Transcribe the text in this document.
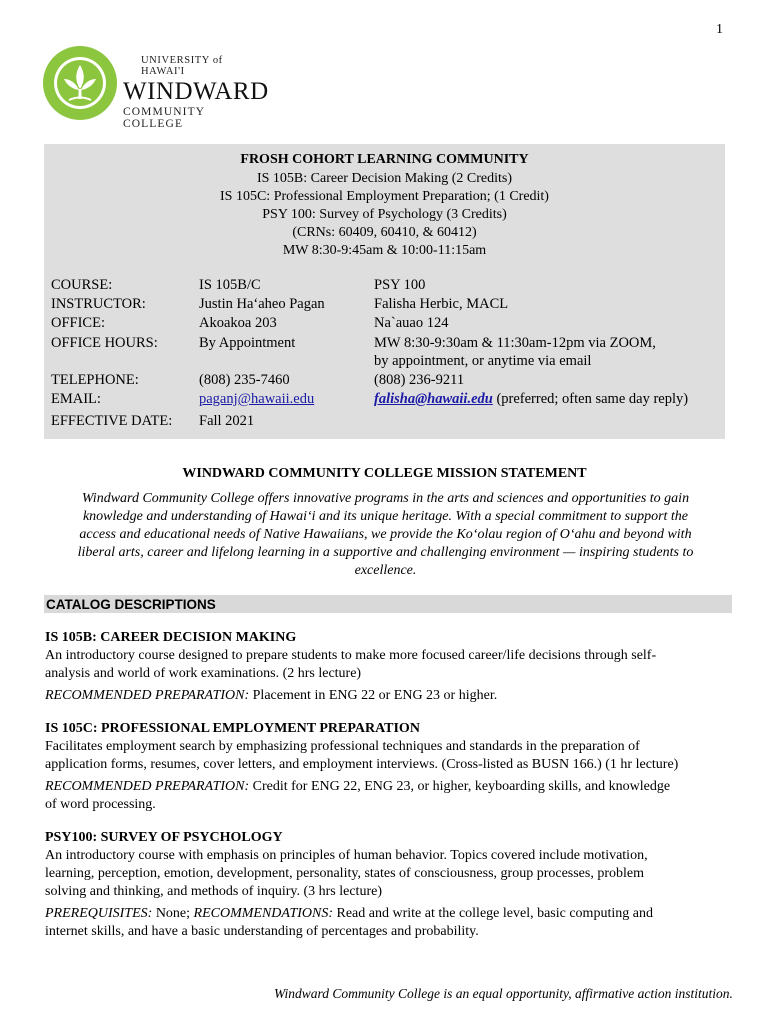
1
UNIVERSITY of HAWAI'I
WINDWARD
COMMUNITY COLLEGE
FROSH COHORT LEARNING COMMUNITY
IS 105B: Career Decision Making (2 Credits)
IS 105C: Professional Employment Preparation; (1 Credit)
PSY 100: Survey of Psychology (3 Credits)
(CRNs: 60409, 60410, & 60412)
MW 8:30-9:45am & 10:00-11:15am
COURSE:	IS 105B/C	PSY 100
INSTRUCTOR:	Justin Ha‘aheo Pagan	Falisha Herbic, MACL
OFFICE:	Akoakoa 203	Na`auao 124
OFFICE HOURS:	By Appointment	MW 8:30-9:30am & 11:30am-12pm via ZOOM,
by appointment, or anytime via email
TELEPHONE:	(808) 235-7460	(808) 236-9211
EMAIL:	paganj@hawaii.edu	falisha@hawaii.edu (preferred; often same day reply)
EFFECTIVE DATE: Fall 2021
WINDWARD COMMUNITY COLLEGE MISSION STATEMENT
Windward Community College offers innovative programs in the arts and sciences and opportunities to gain
knowledge and understanding of Hawai‘i and its unique heritage. With a special commitment to support the
access and educational needs of Native Hawaiians, we provide the Ko‘olau region of O‘ahu and beyond with
liberal arts, career and lifelong learning in a supportive and challenging environment — inspiring students to
excellence.
CATALOG DESCRIPTIONS
IS 105B: CAREER DECISION MAKING
An introductory course designed to prepare students to make more focused career/life decisions through self-
analysis and world of work examinations. (2 hrs lecture)
RECOMMENDED PREPARATION: Placement in ENG 22 or ENG 23 or higher.
IS 105C: PROFESSIONAL EMPLOYMENT PREPARATION
Facilitates employment search by emphasizing professional techniques and standards in the preparation of
application forms, resumes, cover letters, and employment interviews. (Cross-listed as BUSN 166.) (1 hr lecture)
RECOMMENDED PREPARATION: Credit for ENG 22, ENG 23, or higher, keyboarding skills, and knowledge
of word processing.
PSY100: SURVEY OF PSYCHOLOGY
An introductory course with emphasis on principles of human behavior. Topics covered include motivation,
learning, perception, emotion, development, personality, states of consciousness, group processes, problem
solving and thinking, and methods of inquiry. (3 hrs lecture)
PREREQUISITES: None; RECOMMENDATIONS: Read and write at the college level, basic computing and
internet skills, and have a basic understanding of percentages and probability.
Windward Community College is an equal opportunity, affirmative action institution.
